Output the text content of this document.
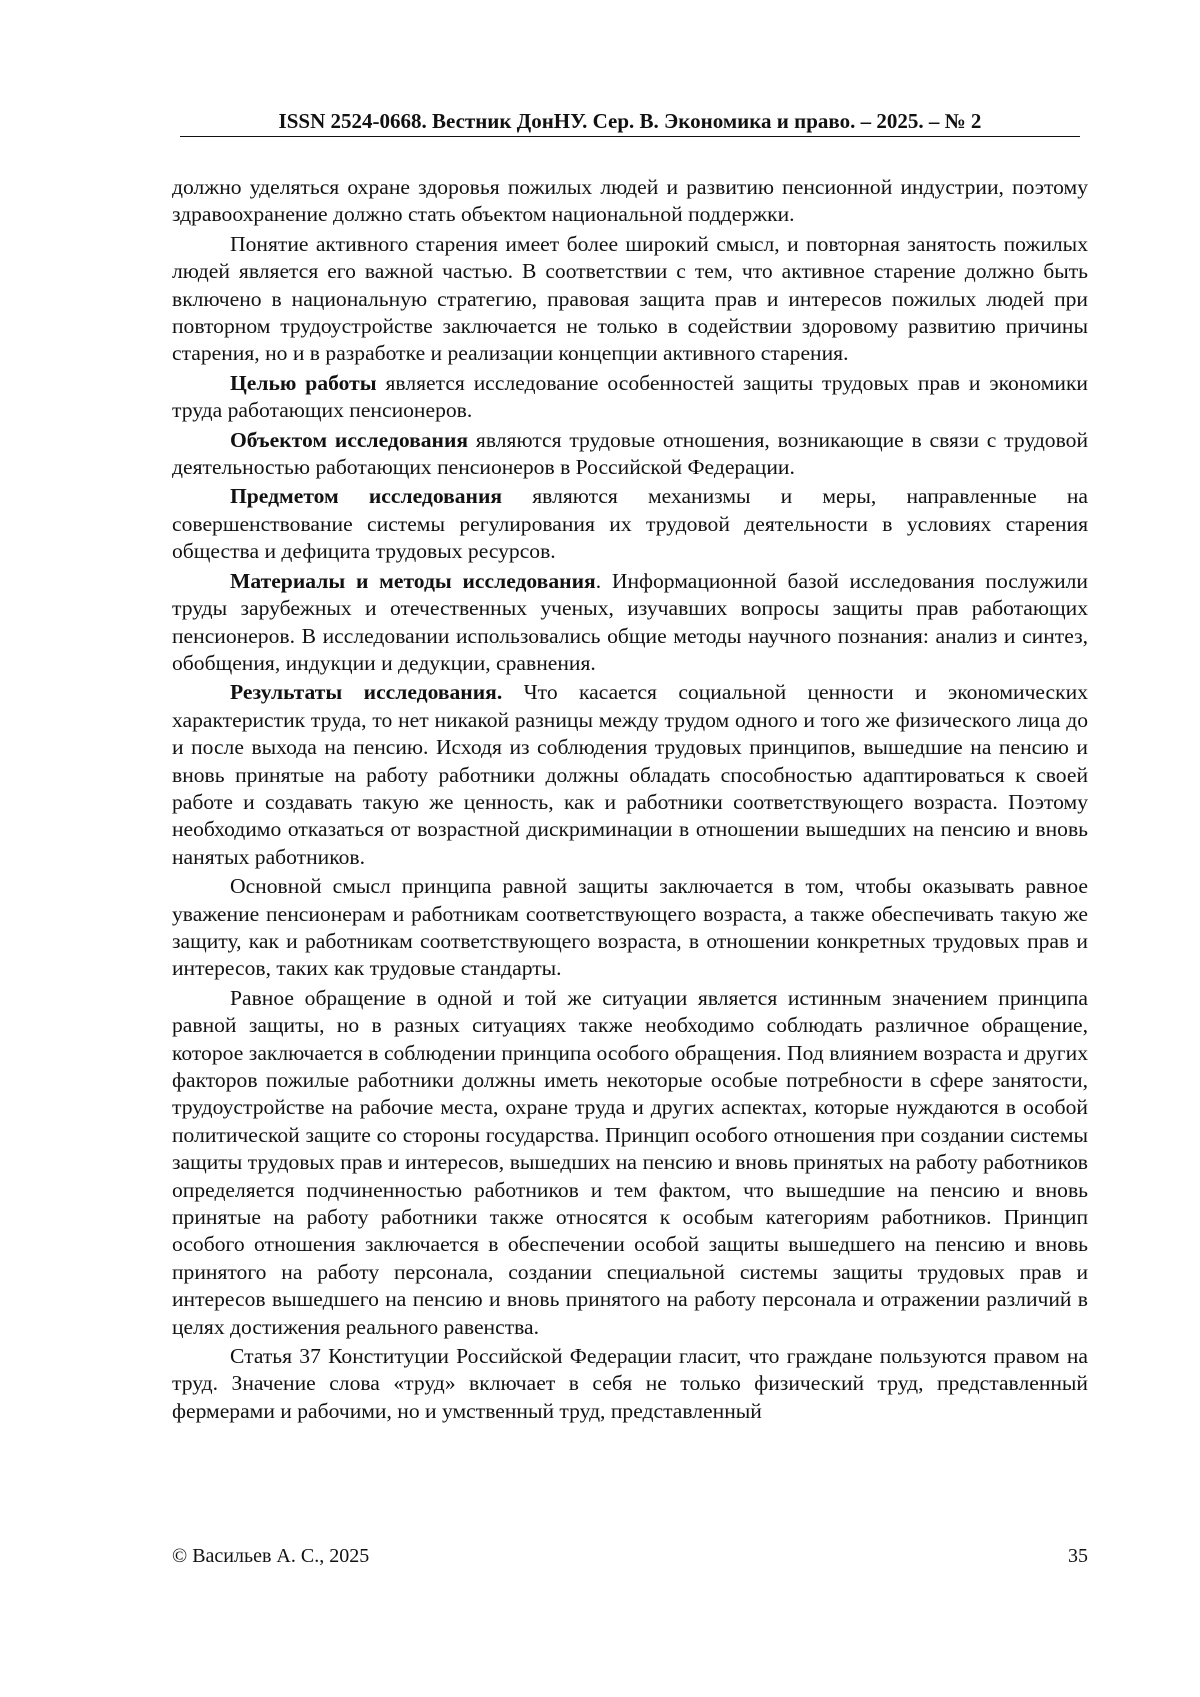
ISSN 2524-0668. Вестник ДонНУ. Сер. В. Экономика и право. – 2025. – № 2

должно уделяться охране здоровья пожилых людей и развитию пенсионной индустрии, поэтому здравоохранение должно стать объектом национальной поддержки.

Понятие активного старения имеет более широкий смысл, и повторная занятость пожилых людей является его важной частью. В соответствии с тем, что активное старение должно быть включено в национальную стратегию, правовая защита прав и интересов пожилых людей при повторном трудоустройстве заключается не только в содействии здоровому развитию причины старения, но и в разработке и реализации концепции активного старения.

Целью работы является исследование особенностей защиты трудовых прав и экономики труда работающих пенсионеров.

Объектом исследования являются трудовые отношения, возникающие в связи с трудовой деятельностью работающих пенсионеров в Российской Федерации.

Предметом исследования являются механизмы и меры, направленные на совершенствование системы регулирования их трудовой деятельности в условиях старения общества и дефицита трудовых ресурсов.

Материалы и методы исследования. Информационной базой исследования послужили труды зарубежных и отечественных ученых, изучавших вопросы защиты прав работающих пенсионеров. В исследовании использовались общие методы научного познания: анализ и синтез, обобщения, индукции и дедукции, сравнения.

Результаты исследования. Что касается социальной ценности и экономических характеристик труда, то нет никакой разницы между трудом одного и того же физического лица до и после выхода на пенсию. Исходя из соблюдения трудовых принципов, вышедшие на пенсию и вновь принятые на работу работники должны обладать способностью адаптироваться к своей работе и создавать такую же ценность, как и работники соответствующего возраста. Поэтому необходимо отказаться от возрастной дискриминации в отношении вышедших на пенсию и вновь нанятых работников.

Основной смысл принципа равной защиты заключается в том, чтобы оказывать равное уважение пенсионерам и работникам соответствующего возраста, а также обеспечивать такую же защиту, как и работникам соответствующего возраста, в отношении конкретных трудовых прав и интересов, таких как трудовые стандарты.

Равное обращение в одной и той же ситуации является истинным значением принципа равной защиты, но в разных ситуациях также необходимо соблюдать различное обращение, которое заключается в соблюдении принципа особого обращения. Под влиянием возраста и других факторов пожилые работники должны иметь некоторые особые потребности в сфере занятости, трудоустройстве на рабочие места, охране труда и других аспектах, которые нуждаются в особой политической защите со стороны государства. Принцип особого отношения при создании системы защиты трудовых прав и интересов, вышедших на пенсию и вновь принятых на работу работников определяется подчиненностью работников и тем фактом, что вышедшие на пенсию и вновь принятые на работу работники также относятся к особым категориям работников. Принцип особого отношения заключается в обеспечении особой защиты вышедшего на пенсию и вновь принятого на работу персонала, создании специальной системы защиты трудовых прав и интересов вышедшего на пенсию и вновь принятого на работу персонала и отражении различий в целях достижения реального равенства.

Статья 37 Конституции Российской Федерации гласит, что граждане пользуются правом на труд. Значение слова «труд» включает в себя не только физический труд, представленный фермерами и рабочими, но и умственный труд, представленный

© Васильев А. С., 2025	35
